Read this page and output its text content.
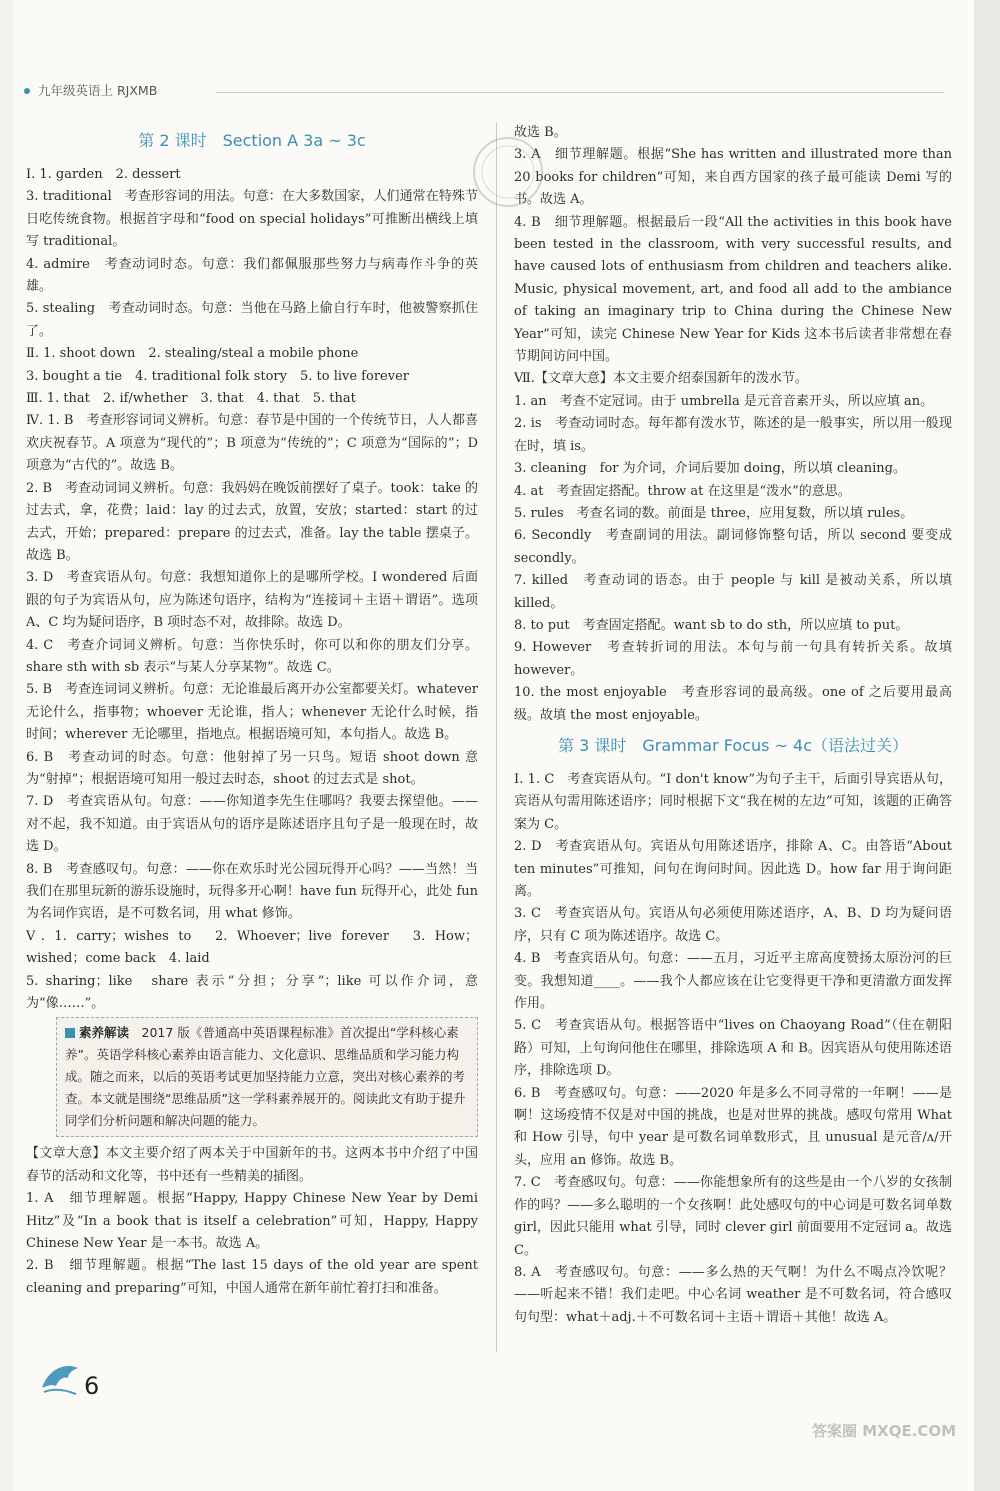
九年级英语上 RJXMB
第 2 课时　Section A 3a ~ 3c

Ⅰ. 1. garden　2. dessert

3. traditional　考查形容词的用法。句意：在大多数国家，人们通常在特殊节日吃传统食物。根据首字母和“food on special holidays”可推断出横线上填写 traditional。

4. admire　考查动词时态。句意：我们都佩服那些努力与病毒作斗争的英雄。

5. stealing　考查动词时态。句意：当他在马路上偷自行车时，他被警察抓住了。

Ⅱ. 1. shoot down　2. stealing/steal a mobile phone

3. bought a tie　4. traditional folk story　5. to live forever

Ⅲ. 1. that　2. if/whether　3. that　4. that　5. that

Ⅳ. 1. B　考查形容词词义辨析。句意：春节是中国的一个传统节日，人人都喜欢庆祝春节。A 项意为“现代的”；B 项意为“传统的”；C 项意为“国际的”；D 项意为“古代的”。故选 B。

2. B　考查动词词义辨析。句意：我妈妈在晚饭前摆好了桌子。took：take 的过去式，拿，花费；laid：lay 的过去式，放置，安放；started：start 的过去式，开始；prepared：prepare 的过去式，准备。lay the table 摆桌子。故选 B。

3. D　考查宾语从句。句意：我想知道你上的是哪所学校。I wondered 后面跟的句子为宾语从句，应为陈述句语序，结构为“连接词＋主语＋谓语”。选项 A、C 均为疑问语序，B 项时态不对，故排除。故选 D。

4. C　考查介词词义辨析。句意：当你快乐时，你可以和你的朋友们分享。share sth with sb 表示“与某人分享某物”。故选 C。

5. B　考查连词词义辨析。句意：无论谁最后离开办公室都要关灯。whatever 无论什么，指事物；whoever 无论谁，指人；whenever 无论什么时候，指时间；wherever 无论哪里，指地点。根据语境可知，本句指人。故选 B。

6. B　考查动词的时态。句意：他射掉了另一只鸟。短语 shoot down 意为“射掉”；根据语境可知用一般过去时态，shoot 的过去式是 shot。

7. D　考查宾语从句。句意：——你知道李先生住哪吗？我要去探望他。——对不起，我不知道。由于宾语从句的语序是陈述语序且句子是一般现在时，故选 D。

8. B　考查感叹句。句意：——你在欢乐时光公园玩得开心吗？——当然！当我们在那里玩新的游乐设施时，玩得多开心啊！have fun 玩得开心，此处 fun 为名词作宾语，是不可数名词，用 what 修饰。

Ⅴ. 1. carry；wishes to　2. Whoever；live forever　3. How；wished；come back　4. laid

5. sharing；like　share 表示“分担；分享”；like 可以作介词，意为“像……”。

素养解读　 2017 版《普通高中英语课程标准》首次提出“学科核心素养”。英语学科核心素养由语言能力、文化意识、思维品质和学习能力构成。随之而来，以后的英语考试更加坚持能力立意，突出对核心素养的考查。本文就是围绕“思维品质”这一学科素养展开的。阅读此文有助于提升同学们分析问题和解决问题的能力。

【文章大意】本文主要介绍了两本关于中国新年的书。这两本书中介绍了中国春节的活动和文化等，书中还有一些精美的插图。

1. A　细节理解题。根据“Happy, Happy Chinese New Year by Demi Hitz”及“In a book that is itself a celebration”可知，Happy, Happy Chinese New Year 是一本书。故选 A。

2. B　细节理解题。根据“The last 15 days of the old year are spent cleaning and preparing”可知，中国人通常在新年前忙着打扫和准备。

故选 B。

3. A　细节理解题。根据“She has written and illustrated more than 20 books for children”可知，来自西方国家的孩子最可能读 Demi 写的书。故选 A。

4. B　细节理解题。根据最后一段“All the activities in this book have been tested in the classroom, with very successful results, and have caused lots of enthusiasm from children and teachers alike. Music, physical movement, art, and food all add to the ambiance of taking an imaginary trip to China during the Chinese New Year”可知，读完 Chinese New Year for Kids 这本书后读者非常想在春节期间访问中国。

Ⅶ.【文章大意】本文主要介绍泰国新年的泼水节。

1. an　考查不定冠词。由于 umbrella 是元音音素开头，所以应填 an。

2. is　考查动词时态。每年都有泼水节，陈述的是一般事实，所以用一般现在时，填 is。

3. cleaning　for 为介词，介词后要加 doing，所以填 cleaning。

4. at　考查固定搭配。throw at 在这里是“泼水”的意思。

5. rules　考查名词的数。前面是 three，应用复数，所以填 rules。

6. Secondly　考查副词的用法。副词修饰整句话，所以 second 要变成 secondly。

7. killed　考查动词的语态。由于 people 与 kill 是被动关系，所以填 killed。

8. to put　考查固定搭配。want sb to do sth，所以应填 to put。

9. However　考查转折词的用法。本句与前一句具有转折关系。故填 however。

10. the most enjoyable　考查形容词的最高级。one of 之后要用最高级。故填 the most enjoyable。

第 3 课时　Grammar Focus ~ 4c（语法过关）

Ⅰ. 1. C　考查宾语从句。“I don't know”为句子主干，后面引导宾语从句，宾语从句需用陈述语序；同时根据下文“我在树的左边”可知，该题的正确答案为 C。

2. D　考查宾语从句。宾语从句用陈述语序，排除 A、C。由答语“About ten minutes”可推知，问句在询问时间。因此选 D。how far 用于询问距离。

3. C　考查宾语从句。宾语从句必须使用陈述语序，A、B、D 均为疑问语序，只有 C 项为陈述语序。故选 C。

4. B　考查宾语从句。句意：——五月，习近平主席高度赞扬太原汾河的巨变。我想知道____。——我个人都应该在让它变得更干净和更清澈方面发挥作用。

5. C　考查宾语从句。根据答语中“lives on Chaoyang Road”（住在朝阳路）可知，上句询问他住在哪里，排除选项 A 和 B。因宾语从句使用陈述语序，排除选项 D。

6. B　考查感叹句。句意：——2020 年是多么不同寻常的一年啊！——是啊！这场疫情不仅是对中国的挑战，也是对世界的挑战。感叹句常用 What 和 How 引导，句中 year 是可数名词单数形式，且 unusual 是元音/ʌ/开头，应用 an 修饰。故选 B。

7. C　考查感叹句。句意：——你能想象所有的这些是由一个八岁的女孩制作的吗？——多么聪明的一个女孩啊！此处感叹句的中心词是可数名词单数 girl，因此只能用 what 引导，同时 clever girl 前面要用不定冠词 a。故选 C。

8. A　考查感叹句。句意：——多么热的天气啊！为什么不喝点冷饮呢？——听起来不错！我们走吧。中心名词 weather 是不可数名词，符合感叹句句型：what＋adj.＋不可数名词＋主语＋谓语＋其他！故选 A。

6
答案圈 MXQE.COM
